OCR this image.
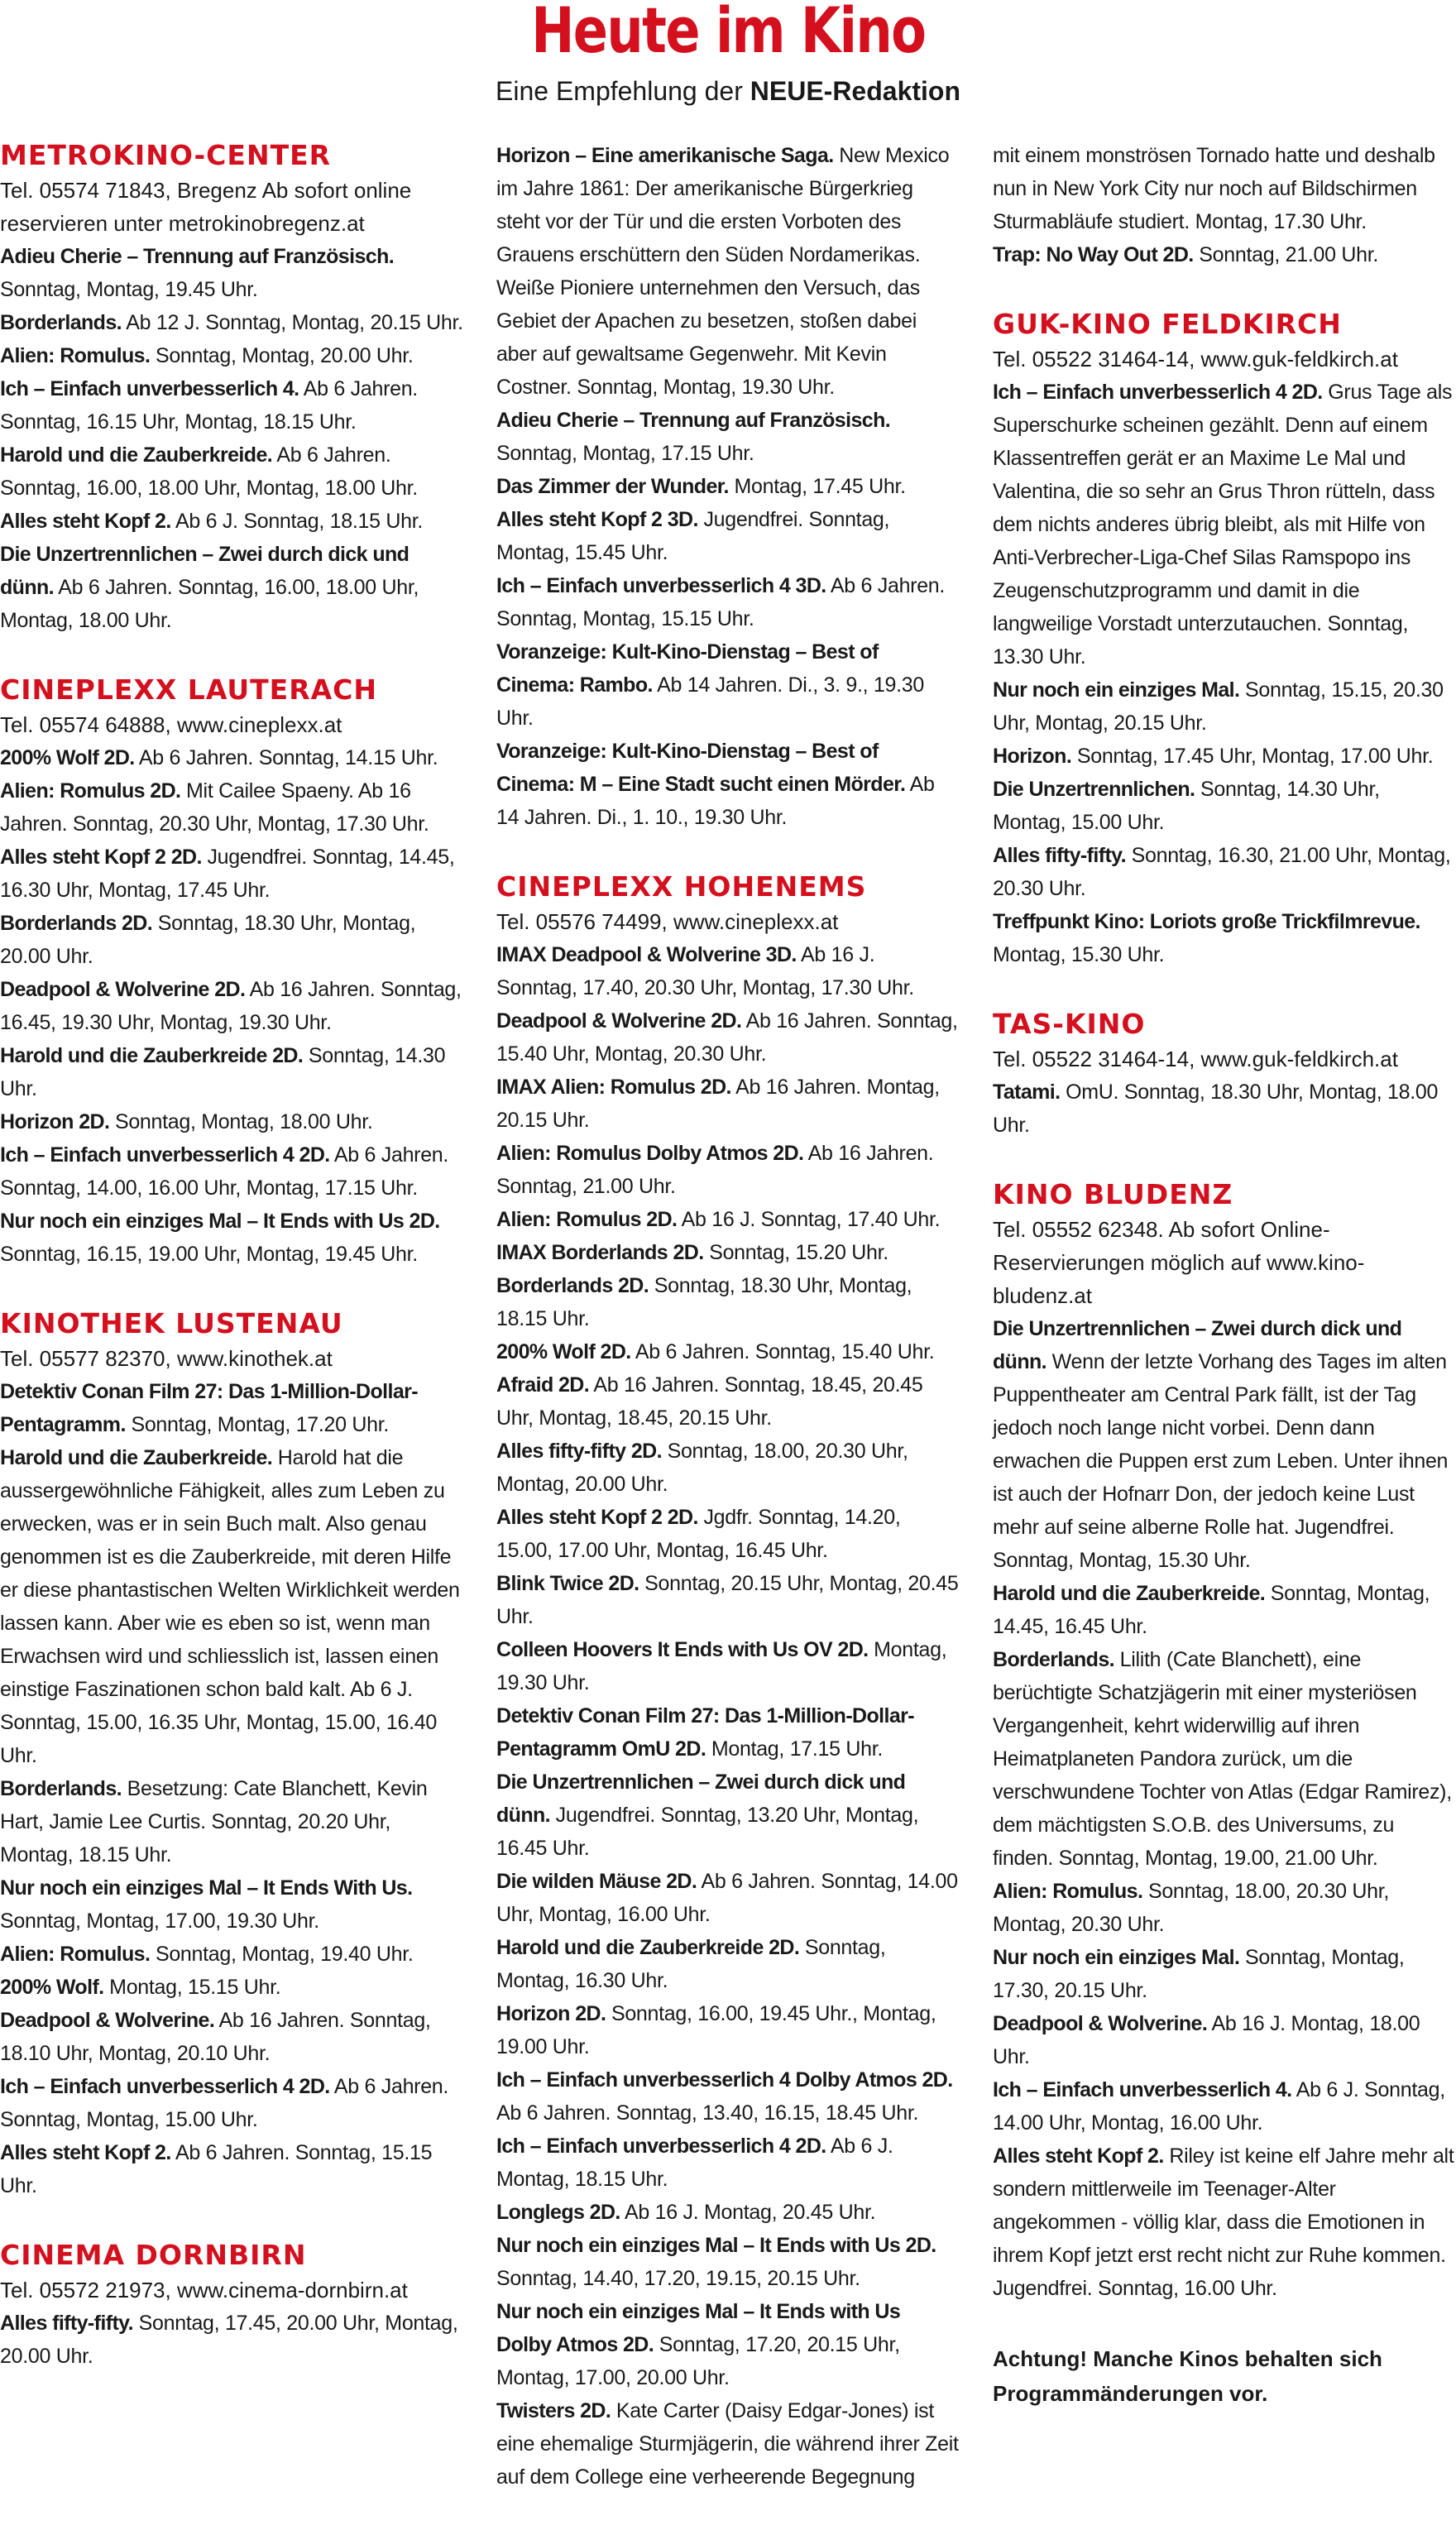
Heute im Kino
Eine Empfehlung der NEUE-Redaktion
METROKINO-CENTER
Tel. 05574 71843, Bregenz Ab sofort online reservieren unter metrokinobregenz.at
Adieu Cherie – Trennung auf Französisch. Sonntag, Montag, 19.45 Uhr.
Borderlands. Ab 12 J. Sonntag, Montag, 20.15 Uhr.
Alien: Romulus. Sonntag, Montag, 20.00 Uhr.
Ich – Einfach unverbesserlich 4. Ab 6 Jahren. Sonntag, 16.15 Uhr, Montag, 18.15 Uhr.
Harold und die Zauberkreide. Ab 6 Jahren. Sonntag, 16.00, 18.00 Uhr, Montag, 18.00 Uhr.
Alles steht Kopf 2. Ab 6 J. Sonntag, 18.15 Uhr.
Die Unzertrennlichen – Zwei durch dick und dünn. Ab 6 Jahren. Sonntag, 16.00, 18.00 Uhr, Montag, 18.00 Uhr.
CINEPLEXX LAUTERACH
Tel. 05574 64888, www.cineplexx.at
200% Wolf 2D. Ab 6 Jahren. Sonntag, 14.15 Uhr.
Alien: Romulus 2D. Mit Cailee Spaeny. Ab 16 Jahren. Sonntag, 20.30 Uhr, Montag, 17.30 Uhr.
Alles steht Kopf 2 2D. Jugendfrei. Sonntag, 14.45, 16.30 Uhr, Montag, 17.45 Uhr.
Borderlands 2D. Sonntag, 18.30 Uhr, Montag, 20.00 Uhr.
Deadpool & Wolverine 2D. Ab 16 Jahren. Sonntag, 16.45, 19.30 Uhr, Montag, 19.30 Uhr.
Harold und die Zauberkreide 2D. Sonntag, 14.30 Uhr.
Horizon 2D. Sonntag, Montag, 18.00 Uhr.
Ich – Einfach unverbesserlich 4 2D. Ab 6 Jahren. Sonntag, 14.00, 16.00 Uhr, Montag, 17.15 Uhr.
Nur noch ein einziges Mal – It Ends with Us 2D. Sonntag, 16.15, 19.00 Uhr, Montag, 19.45 Uhr.
KINOTHEK LUSTENAU
Tel. 05577 82370, www.kinothek.at
Detektiv Conan Film 27: Das 1-Million-Dollar-Pentagramm. Sonntag, Montag, 17.20 Uhr.
Harold und die Zauberkreide. Harold hat die aussergewöhnliche Fähigkeit, alles zum Leben zu erwecken, was er in sein Buch malt. Also genau genommen ist es die Zauberkreide, mit deren Hilfe er diese phantastischen Welten Wirklichkeit werden lassen kann. Aber wie es eben so ist, wenn man Erwachsen wird und schliesslich ist, lassen einen einstige Faszinationen schon bald kalt. Ab 6 J. Sonntag, 15.00, 16.35 Uhr, Montag, 15.00, 16.40 Uhr.
Borderlands. Besetzung: Cate Blanchett, Kevin Hart, Jamie Lee Curtis. Sonntag, 20.20 Uhr, Montag, 18.15 Uhr.
Nur noch ein einziges Mal – It Ends With Us. Sonntag, Montag, 17.00, 19.30 Uhr.
Alien: Romulus. Sonntag, Montag, 19.40 Uhr.
200% Wolf. Montag, 15.15 Uhr.
Deadpool & Wolverine. Ab 16 Jahren. Sonntag, 18.10 Uhr, Montag, 20.10 Uhr.
Ich – Einfach unverbesserlich 4 2D. Ab 6 Jahren. Sonntag, Montag, 15.00 Uhr.
Alles steht Kopf 2. Ab 6 Jahren. Sonntag, 15.15 Uhr.
CINEMA DORNBIRN
Tel. 05572 21973, www.cinema-dornbirn.at
Alles fifty-fifty. Sonntag, 17.45, 20.00 Uhr, Montag, 20.00 Uhr.
Horizon – Eine amerikanische Saga. New Mexico im Jahre 1861: Der amerikanische Bürgerkrieg steht vor der Tür und die ersten Vorboten des Grauens erschüttern den Süden Nordamerikas. Weiße Pioniere unternehmen den Versuch, das Gebiet der Apachen zu besetzen, stoßen dabei aber auf gewaltsame Gegenwehr. Mit Kevin Costner. Sonntag, Montag, 19.30 Uhr.
Adieu Cherie – Trennung auf Französisch. Sonntag, Montag, 17.15 Uhr.
Das Zimmer der Wunder. Montag, 17.45 Uhr.
Alles steht Kopf 2 3D. Jugendfrei. Sonntag, Montag, 15.45 Uhr.
Ich – Einfach unverbesserlich 4 3D. Ab 6 Jahren. Sonntag, Montag, 15.15 Uhr.
Voranzeige: Kult-Kino-Dienstag – Best of Cinema: Rambo. Ab 14 Jahren. Di., 3. 9., 19.30 Uhr.
Voranzeige: Kult-Kino-Dienstag – Best of Cinema: M – Eine Stadt sucht einen Mörder. Ab 14 Jahren. Di., 1. 10., 19.30 Uhr.
CINEPLEXX HOHENEMS
Tel. 05576 74499, www.cineplexx.at
IMAX Deadpool & Wolverine 3D. Ab 16 J. Sonntag, 17.40, 20.30 Uhr, Montag, 17.30 Uhr.
Deadpool & Wolverine 2D. Ab 16 Jahren. Sonntag, 15.40 Uhr, Montag, 20.30 Uhr.
IMAX Alien: Romulus 2D. Ab 16 Jahren. Montag, 20.15 Uhr.
Alien: Romulus Dolby Atmos 2D. Ab 16 Jahren. Sonntag, 21.00 Uhr.
Alien: Romulus 2D. Ab 16 J. Sonntag, 17.40 Uhr.
IMAX Borderlands 2D. Sonntag, 15.20 Uhr.
Borderlands 2D. Sonntag, 18.30 Uhr, Montag, 18.15 Uhr.
200% Wolf 2D. Ab 6 Jahren. Sonntag, 15.40 Uhr.
Afraid 2D. Ab 16 Jahren. Sonntag, 18.45, 20.45 Uhr, Montag, 18.45, 20.15 Uhr.
Alles fifty-fifty 2D. Sonntag, 18.00, 20.30 Uhr, Montag, 20.00 Uhr.
Alles steht Kopf 2 2D. Jgdfr. Sonntag, 14.20, 15.00, 17.00 Uhr, Montag, 16.45 Uhr.
Blink Twice 2D. Sonntag, 20.15 Uhr, Montag, 20.45 Uhr.
Colleen Hoovers It Ends with Us OV 2D. Montag, 19.30 Uhr.
Detektiv Conan Film 27: Das 1-Million-Dollar-Pentagramm OmU 2D. Montag, 17.15 Uhr.
Die Unzertrennlichen – Zwei durch dick und dünn. Jugendfrei. Sonntag, 13.20 Uhr, Montag, 16.45 Uhr.
Die wilden Mäuse 2D. Ab 6 Jahren. Sonntag, 14.00 Uhr, Montag, 16.00 Uhr.
Harold und die Zauberkreide 2D. Sonntag, Montag, 16.30 Uhr.
Horizon 2D. Sonntag, 16.00, 19.45 Uhr., Montag, 19.00 Uhr.
Ich – Einfach unverbesserlich 4 Dolby Atmos 2D. Ab 6 Jahren. Sonntag, 13.40, 16.15, 18.45 Uhr.
Ich – Einfach unverbesserlich 4 2D. Ab 6 J. Montag, 18.15 Uhr.
Longlegs 2D. Ab 16 J. Montag, 20.45 Uhr.
Nur noch ein einziges Mal – It Ends with Us 2D. Sonntag, 14.40, 17.20, 19.15, 20.15 Uhr.
Nur noch ein einziges Mal – It Ends with Us Dolby Atmos 2D. Sonntag, 17.20, 20.15 Uhr, Montag, 17.00, 20.00 Uhr.
Twisters 2D. Kate Carter (Daisy Edgar-Jones) ist eine ehemalige Sturmjägerin, die während ihrer Zeit auf dem College eine verheerende Begegnung
mit einem monströsen Tornado hatte und deshalb nun in New York City nur noch auf Bildschirmen Sturmabläufe studiert. Montag, 17.30 Uhr.
Trap: No Way Out 2D. Sonntag, 21.00 Uhr.
GUK-KINO FELDKIRCH
Tel. 05522 31464-14, www.guk-feldkirch.at
Ich – Einfach unverbesserlich 4 2D. Grus Tage als Superschurke scheinen gezählt. Denn auf einem Klassentreffen gerät er an Maxime Le Mal und Valentina, die so sehr an Grus Thron rütteln, dass dem nichts anderes übrig bleibt, als mit Hilfe von Anti-Verbrecher-Liga-Chef Silas Ramspopo ins Zeugenschutzprogramm und damit in die langweilige Vorstadt unterzutauchen. Sonntag, 13.30 Uhr.
Nur noch ein einziges Mal. Sonntag, 15.15, 20.30 Uhr, Montag, 20.15 Uhr.
Horizon. Sonntag, 17.45 Uhr, Montag, 17.00 Uhr.
Die Unzertrennlichen. Sonntag, 14.30 Uhr, Montag, 15.00 Uhr.
Alles fifty-fifty. Sonntag, 16.30, 21.00 Uhr, Montag, 20.30 Uhr.
Treffpunkt Kino: Loriots große Trickfilmrevue. Montag, 15.30 Uhr.
TAS-KINO
Tel. 05522 31464-14, www.guk-feldkirch.at
Tatami. OmU. Sonntag, 18.30 Uhr, Montag, 18.00 Uhr.
KINO BLUDENZ
Tel. 05552 62348. Ab sofort Online-Reservierungen möglich auf www.kino-bludenz.at
Die Unzertrennlichen – Zwei durch dick und dünn. Wenn der letzte Vorhang des Tages im alten Puppentheater am Central Park fällt, ist der Tag jedoch noch lange nicht vorbei. Denn dann erwachen die Puppen erst zum Leben. Unter ihnen ist auch der Hofnarr Don, der jedoch keine Lust mehr auf seine alberne Rolle hat. Jugendfrei. Sonntag, Montag, 15.30 Uhr.
Harold und die Zauberkreide. Sonntag, Montag, 14.45, 16.45 Uhr.
Borderlands. Lilith (Cate Blanchett), eine berüchtigte Schatzjägerin mit einer mysteriösen Vergangenheit, kehrt widerwillig auf ihren Heimatplaneten Pandora zurück, um die verschwundene Tochter von Atlas (Edgar Ramirez), dem mächtigsten S.O.B. des Universums, zu finden. Sonntag, Montag, 19.00, 21.00 Uhr.
Alien: Romulus. Sonntag, 18.00, 20.30 Uhr, Montag, 20.30 Uhr.
Nur noch ein einziges Mal. Sonntag, Montag, 17.30, 20.15 Uhr.
Deadpool & Wolverine. Ab 16 J. Montag, 18.00 Uhr.
Ich – Einfach unverbesserlich 4. Ab 6 J. Sonntag, 14.00 Uhr, Montag, 16.00 Uhr.
Alles steht Kopf 2. Riley ist keine elf Jahre mehr alt sondern mittlerweile im Teenager-Alter angekommen - völlig klar, dass die Emotionen in ihrem Kopf jetzt erst recht nicht zur Ruhe kommen. Jugendfrei. Sonntag, 16.00 Uhr.
Achtung! Manche Kinos behalten sich Programmänderungen vor.
